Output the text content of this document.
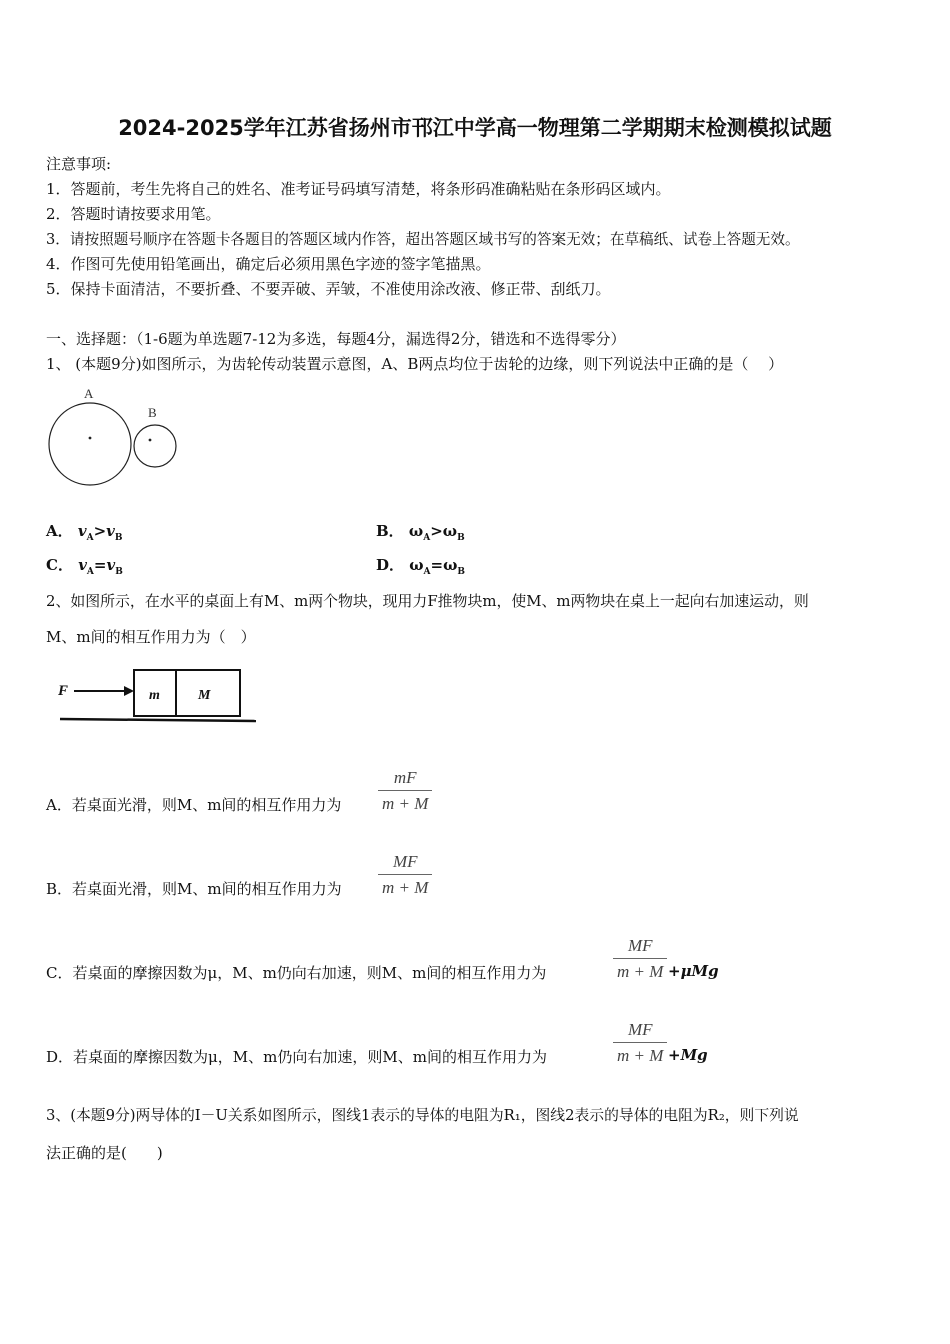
2024-2025学年江苏省扬州市邗江中学高一物理第二学期期末检测模拟试题
注意事项:
1．答题前，考生先将自己的姓名、准考证号码填写清楚，将条形码准确粘贴在条形码区域内。
2．答题时请按要求用笔。
3．请按照题号顺序在答题卡各题目的答题区域内作答，超出答题区域书写的答案无效；在草稿纸、试卷上答题无效。
4．作图可先使用铅笔画出，确定后必须用黑色字迹的签字笔描黑。
5．保持卡面清洁，不要折叠、不要弄破、弄皱，不准使用涂改液、修正带、刮纸刀。
一、选择题：（1-6题为单选题7-12为多选，每题4分，漏选得2分，错选和不选得零分）
1、 (本题9分)如图所示，为齿轮传动装置示意图，A、B两点均位于齿轮的边缘，则下列说法中正确的是（　 ）
A
B
A． $v_A>v_B$	B． $\omega_A>\omega_B$
C． $v_A=v_B$	D． $\omega_A=\omega_B$
2、如图所示，在水平的桌面上有M、m两个物块，现用力F推物块m，使M、m两物块在桌上一起向右加速运动，则
M、m间的相互作用力为（　）
F	m	M
A．若桌面光滑，则M、m间的相互作用力为 $\frac{mF}{m + M}$
B．若桌面光滑，则M、m间的相互作用力为 $\frac{MF}{m + M}$
C．若桌面的摩擦因数为μ，M、m仍向右加速，则M、m间的相互作用力为	$\frac{MF}{m + M} +\mu Mg$
D．若桌面的摩擦因数为μ，M、m仍向右加速，则M、m间的相互作用力为	$\frac{MF}{m + M} +Mg$
3、(本题9分)两导体的I－U关系如图所示，图线1表示的导体的电阻为R₁，图线2表示的导体的电阻为R₂，则下列说
法正确的是(　　)
